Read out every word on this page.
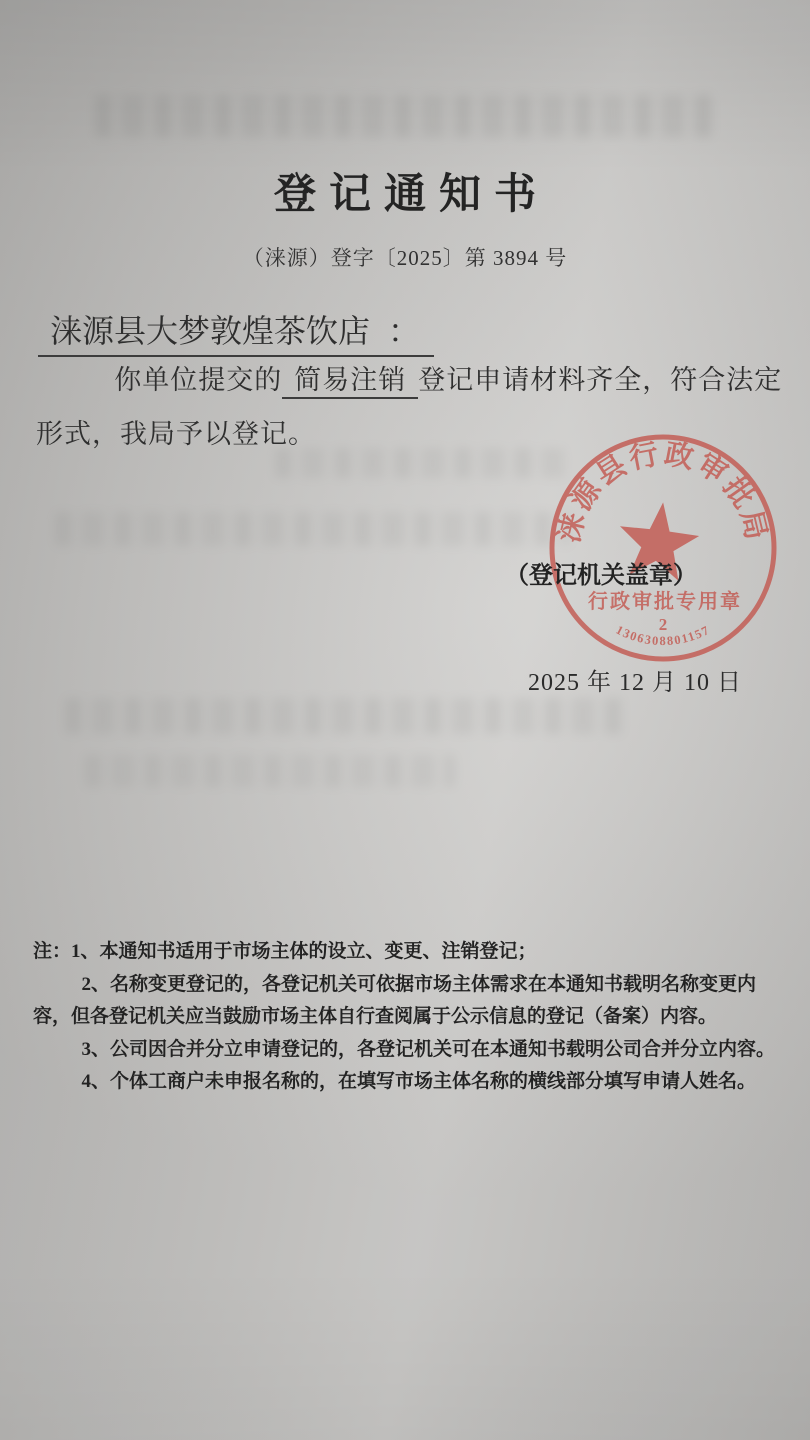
登记通知书
（涞源）登字〔2025〕第 3894 号
涞源县大梦敦煌茶饮店 ：

你单位提交的 简易注销 登记申请材料齐全，符合法定

形式，我局予以登记。

涞源县行政审批局
行政审批专用章
2
1306308801157
（登记机关盖章）
2025 年 12 月 10 日

注：1、本通知书适用于市场主体的设立、变更、注销登记；

2、名称变更登记的，各登记机关可依据市场主体需求在本通知书载明名称变更内容，但各登记机关应当鼓励市场主体自行查阅属于公示信息的登记（备案）内容。

3、公司因合并分立申请登记的，各登记机关可在本通知书载明公司合并分立内容。

4、个体工商户未申报名称的，在填写市场主体名称的横线部分填写申请人姓名。
